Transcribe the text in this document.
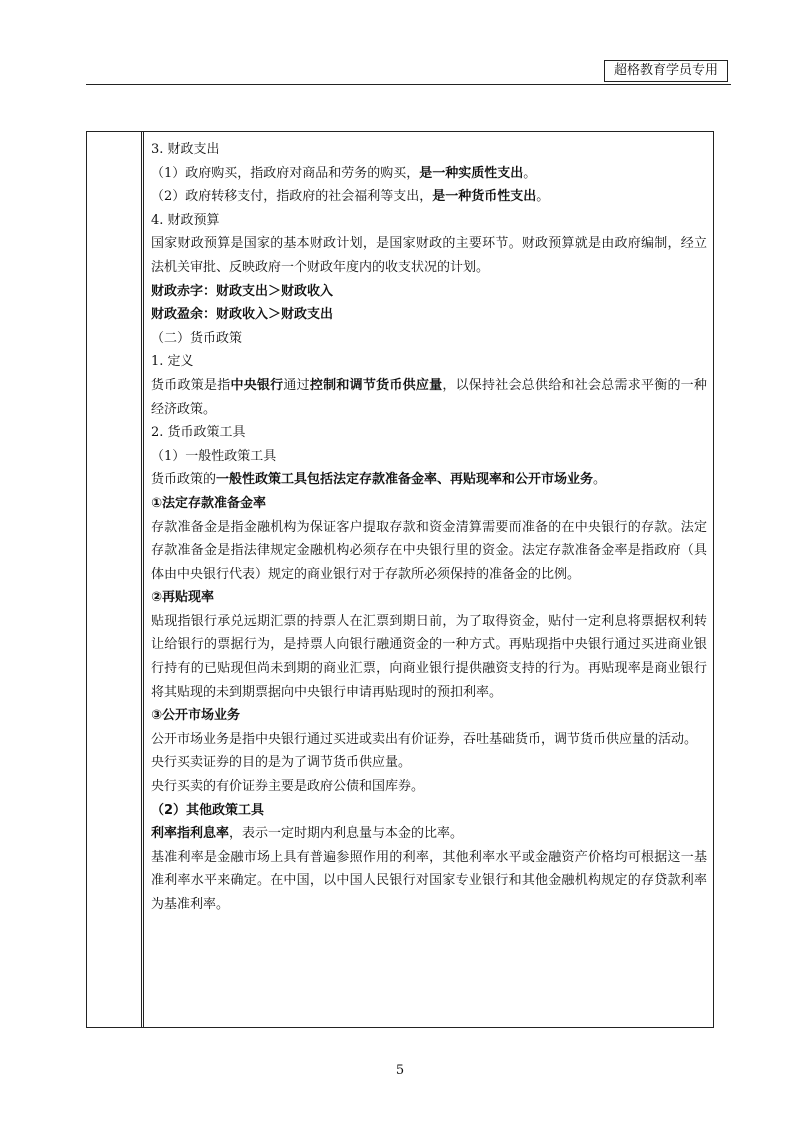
超格教育学员专用

3. 财政支出

（1）政府购买，指政府对商品和劳务的购买，是一种实质性支出。

（2）政府转移支付，指政府的社会福利等支出，是一种货币性支出。

4. 财政预算

国家财政预算是国家的基本财政计划，是国家财政的主要环节。财政预算就是由政府编制，经立法机关审批、反映政府一个财政年度内的收支状况的计划。

财政赤字：财政支出＞财政收入

财政盈余：财政收入＞财政支出

（二）货币政策

1. 定义

货币政策是指中央银行通过控制和调节货币供应量，以保持社会总供给和社会总需求平衡的一种经济政策。

2. 货币政策工具

（1）一般性政策工具

货币政策的一般性政策工具包括法定存款准备金率、再贴现率和公开市场业务。

①法定存款准备金率

存款准备金是指金融机构为保证客户提取存款和资金清算需要而准备的在中央银行的存款。法定存款准备金是指法律规定金融机构必须存在中央银行里的资金。法定存款准备金率是指政府（具体由中央银行代表）规定的商业银行对于存款所必须保持的准备金的比例。

②再贴现率

贴现指银行承兑远期汇票的持票人在汇票到期日前，为了取得资金，贴付一定利息将票据权利转让给银行的票据行为，是持票人向银行融通资金的一种方式。再贴现指中央银行通过买进商业银行持有的已贴现但尚未到期的商业汇票，向商业银行提供融资支持的行为。再贴现率是商业银行将其贴现的未到期票据向中央银行申请再贴现时的预扣利率。

③公开市场业务

公开市场业务是指中央银行通过买进或卖出有价证券，吞吐基础货币，调节货币供应量的活动。

央行买卖证券的目的是为了调节货币供应量。

央行买卖的有价证券主要是政府公债和国库券。

（2）其他政策工具

利率指利息率，表示一定时期内利息量与本金的比率。

基准利率是金融市场上具有普遍参照作用的利率，其他利率水平或金融资产价格均可根据这一基准利率水平来确定。在中国，以中国人民银行对国家专业银行和其他金融机构规定的存贷款利率为基准利率。

5
